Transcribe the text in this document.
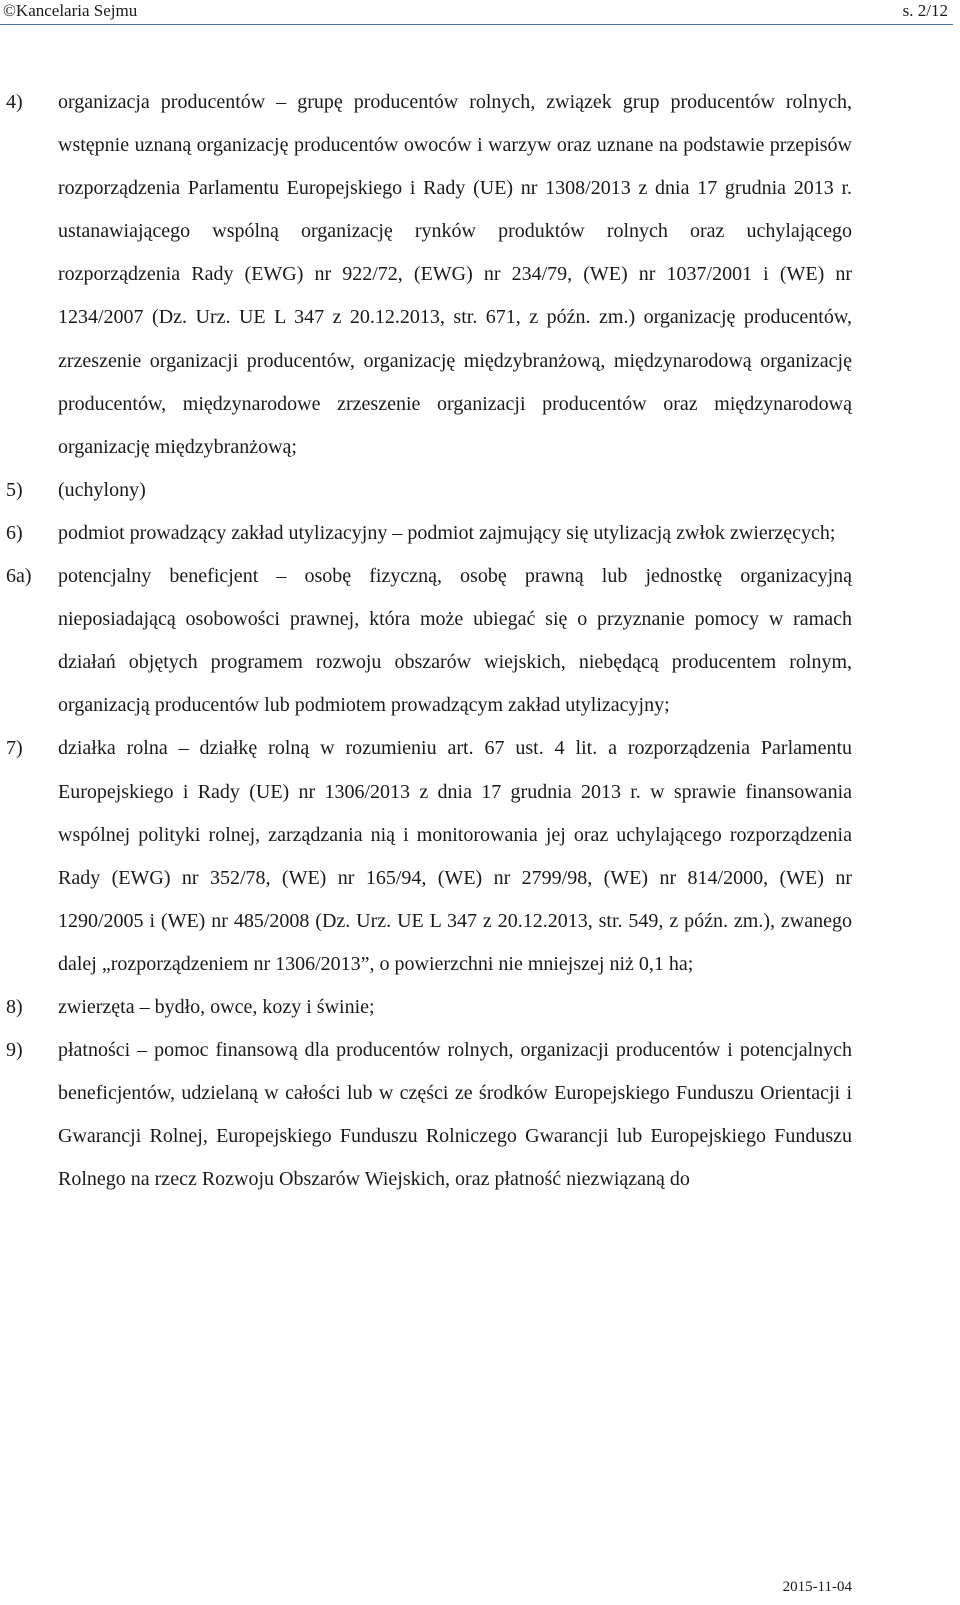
©Kancelaria Sejmu	s. 2/12
4) organizacja producentów – grupę producentów rolnych, związek grup producentów rolnych, wstępnie uznaną organizację producentów owoców i warzyw oraz uznane na podstawie przepisów rozporządzenia Parlamentu Europejskiego i Rady (UE) nr 1308/2013 z dnia 17 grudnia 2013 r. ustanawiającego wspólną organizację rynków produktów rolnych oraz uchylającego rozporządzenia Rady (EWG) nr 922/72, (EWG) nr 234/79, (WE) nr 1037/2001 i (WE) nr 1234/2007 (Dz. Urz. UE L 347 z 20.12.2013, str. 671, z późn. zm.) organizację producentów, zrzeszenie organizacji producentów, organizację międzybranżową, międzynarodową organizację producentów, międzynarodowe zrzeszenie organizacji producentów oraz międzynarodową organizację międzybranżową;
5) (uchylony)
6) podmiot prowadzący zakład utylizacyjny – podmiot zajmujący się utylizacją zwłok zwierzęcych;
6a) potencjalny beneficjent – osobę fizyczną, osobę prawną lub jednostkę organizacyjną nieposiadającą osobowości prawnej, która może ubiegać się o przyznanie pomocy w ramach działań objętych programem rozwoju obszarów wiejskich, niebędącą producentem rolnym, organizacją producentów lub podmiotem prowadzącym zakład utylizacyjny;
7) działka rolna – działkę rolną w rozumieniu art. 67 ust. 4 lit. a rozporządzenia Parlamentu Europejskiego i Rady (UE) nr 1306/2013 z dnia 17 grudnia 2013 r. w sprawie finansowania wspólnej polityki rolnej, zarządzania nią i monitorowania jej oraz uchylającego rozporządzenia Rady (EWG) nr 352/78, (WE) nr 165/94, (WE) nr 2799/98, (WE) nr 814/2000, (WE) nr 1290/2005 i (WE) nr 485/2008 (Dz. Urz. UE L 347 z 20.12.2013, str. 549, z późn. zm.), zwanego dalej „rozporządzeniem nr 1306/2013”, o powierzchni nie mniejszej niż 0,1 ha;
8) zwierzęta – bydło, owce, kozy i świnie;
9) płatności – pomoc finansową dla producentów rolnych, organizacji producentów i potencjalnych beneficjentów, udzielaną w całości lub w części ze środków Europejskiego Funduszu Orientacji i Gwarancji Rolnej, Europejskiego Funduszu Rolniczego Gwarancji lub Europejskiego Funduszu Rolnego na rzecz Rozwoju Obszarów Wiejskich, oraz płatność niezwiązaną do
2015-11-04
